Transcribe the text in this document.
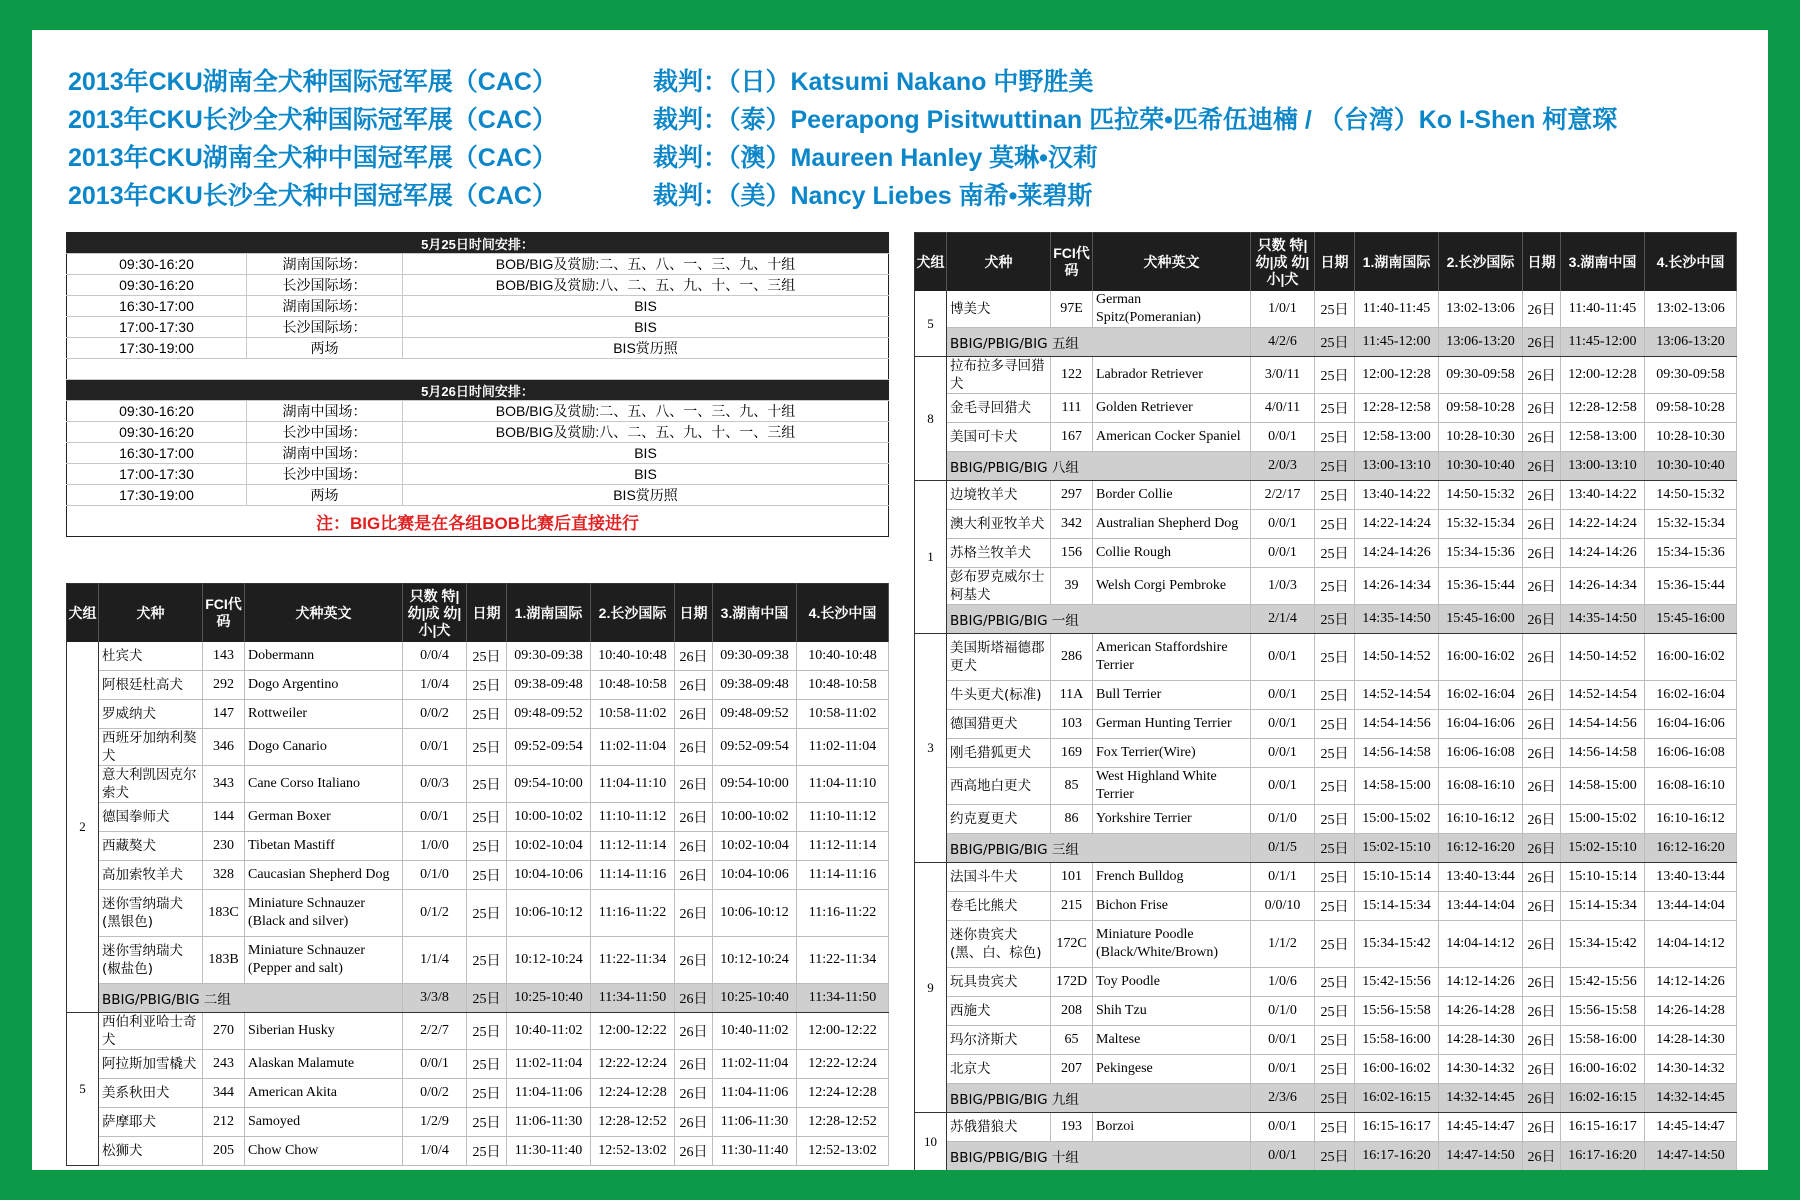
2013年CKU湖南全犬种国际冠军展（CAC）	裁判：（日）Katsumi Nakano 中野胜美
2013年CKU长沙全犬种国际冠军展（CAC）	裁判：（泰）Peerapong Pisitwuttinan 匹拉荣•匹希伍迪楠 / （台湾）Ko I-Shen 柯意琛
2013年CKU湖南全犬种中国冠军展（CAC）	裁判：（澳）Maureen Hanley 莫琳•汉莉
2013年CKU长沙全犬种中国冠军展（CAC）	裁判：（美）Nancy Liebes 南希•莱碧斯
5月25日时间安排：		
09:30-16:20	湖南国际场：	BOB/BIG及赏励:二、五、八、一、三、九、十组
09:30-16:20	长沙国际场：	BOB/BIG及赏励:八、二、五、九、十、一、三组
16:30-17:00	湖南国际场：	BIS
17:00-17:30	长沙国际场：	BIS
17:30-19:00	两场	BIS赏历照

5月26日时间安排：		
09:30-16:20	湖南中国场：	BOB/BIG及赏励:二、五、八、一、三、九、十组
09:30-16:20	长沙中国场：	BOB/BIG及赏励:八、二、五、九、十、一、三组
16:30-17:00	湖南中国场：	BIS
17:00-17:30	长沙中国场：	BIS
17:30-19:00	两场	BIS赏历照
注：BIG比赛是在各组BOB比赛后直接进行		
犬组	犬种	FCI代码	犬种英文	只数 特|幼|成 幼|小|犬	日期	1.湖南国际	2.长沙国际	日期	3.湖南中国	4.长沙中国
2	杜宾犬	143	Dobermann	0/0/4	25日	09:30-09:38	10:40-10:48	26日	09:30-09:38	10:40-10:48
	阿根廷杜高犬	292	Dogo Argentino	1/0/4	25日	09:38-09:48	10:48-10:58	26日	09:38-09:48	10:48-10:58
	罗威纳犬	147	Rottweiler	0/0/2	25日	09:48-09:52	10:58-11:02	26日	09:48-09:52	10:58-11:02
	西班牙加纳利獒犬	346	Dogo Canario	0/0/1	25日	09:52-09:54	11:02-11:04	26日	09:52-09:54	11:02-11:04
	意大利凯因克尔索犬	343	Cane Corso Italiano	0/0/3	25日	09:54-10:00	11:04-11:10	26日	09:54-10:00	11:04-11:10
	德国拳师犬	144	German Boxer	0/0/1	25日	10:00-10:02	11:10-11:12	26日	10:00-10:02	11:10-11:12
	西藏獒犬	230	Tibetan Mastiff	1/0/0	25日	10:02-10:04	11:12-11:14	26日	10:02-10:04	11:12-11:14
	高加索牧羊犬	328	Caucasian Shepherd Dog	0/1/0	25日	10:04-10:06	11:14-11:16	26日	10:04-10:06	11:14-11:16
	迷你雪纳瑞犬(黑银色)	183C	Miniature Schnauzer (Black and silver)	0/1/2	25日	10:06-10:12	11:16-11:22	26日	10:06-10:12	11:16-11:22
	迷你雪纳瑞犬(椒盐色)	183B	Miniature Schnauzer (Pepper and salt)	1/1/4	25日	10:12-10:24	11:22-11:34	26日	10:12-10:24	11:22-11:34
	BBIG/PBIG/BIG 二组			3/3/8	25日	10:25-10:40	11:34-11:50	26日	10:25-10:40	11:34-11:50
5	西伯利亚哈士奇犬	270	Siberian Husky	2/2/7	25日	10:40-11:02	12:00-12:22	26日	10:40-11:02	12:00-12:22
	阿拉斯加雪橇犬	243	Alaskan Malamute	0/0/1	25日	11:02-11:04	12:22-12:24	26日	11:02-11:04	12:22-12:24
	美系秋田犬	344	American Akita	0/0/2	25日	11:04-11:06	12:24-12:28	26日	11:04-11:06	12:24-12:28
	萨摩耶犬	212	Samoyed	1/2/9	25日	11:06-11:30	12:28-12:52	26日	11:06-11:30	12:28-12:52
	松狮犬	205	Chow Chow	1/0/4	25日	11:30-11:40	12:52-13:02	26日	11:30-11:40	12:52-13:02
犬组	犬种	FCI代码	犬种英文	只数 特|幼|成 幼|小|犬	日期	1.湖南国际	2.长沙国际	日期	3.湖南中国	4.长沙中国
5	博美犬	97E	German Spitz(Pomeranian)	1/0/1	25日	11:40-11:45	13:02-13:06	26日	11:40-11:45	13:02-13:06
	BBIG/PBIG/BIG 五组			4/2/6	25日	11:45-12:00	13:06-13:20	26日	11:45-12:00	13:06-13:20
8	拉布拉多寻回猎犬	122	Labrador Retriever	3/0/11	25日	12:00-12:28	09:30-09:58	26日	12:00-12:28	09:30-09:58
	金毛寻回猎犬	111	Golden Retriever	4/0/11	25日	12:28-12:58	09:58-10:28	26日	12:28-12:58	09:58-10:28
	美国可卡犬	167	American Cocker Spaniel	0/0/1	25日	12:58-13:00	10:28-10:30	26日	12:58-13:00	10:28-10:30
	BBIG/PBIG/BIG 八组			2/0/3	25日	13:00-13:10	10:30-10:40	26日	13:00-13:10	10:30-10:40
1	边境牧羊犬	297	Border Collie	2/2/17	25日	13:40-14:22	14:50-15:32	26日	13:40-14:22	14:50-15:32
	澳大利亚牧羊犬	342	Australian Shepherd Dog	0/0/1	25日	14:22-14:24	15:32-15:34	26日	14:22-14:24	15:32-15:34
	苏格兰牧羊犬	156	Collie Rough	0/0/1	25日	14:24-14:26	15:34-15:36	26日	14:24-14:26	15:34-15:36
	彭布罗克威尔士柯基犬	39	Welsh Corgi Pembroke	1/0/3	25日	14:26-14:34	15:36-15:44	26日	14:26-14:34	15:36-15:44
	BBIG/PBIG/BIG 一组			2/1/4	25日	14:35-14:50	15:45-16:00	26日	14:35-14:50	15:45-16:00
3	美国斯塔福德郡更犬	286	American Staffordshire Terrier	0/0/1	25日	14:50-14:52	16:00-16:02	26日	14:50-14:52	16:00-16:02
	牛头更犬(标准)	11A	Bull Terrier	0/0/1	25日	14:52-14:54	16:02-16:04	26日	14:52-14:54	16:02-16:04
	德国猎更犬	103	German Hunting Terrier	0/0/1	25日	14:54-14:56	16:04-16:06	26日	14:54-14:56	16:04-16:06
	刚毛猎狐更犬	169	Fox Terrier(Wire)	0/0/1	25日	14:56-14:58	16:06-16:08	26日	14:56-14:58	16:06-16:08
	西高地白更犬	85	West Highland White Terrier	0/0/1	25日	14:58-15:00	16:08-16:10	26日	14:58-15:00	16:08-16:10
	约克夏更犬	86	Yorkshire Terrier	0/1/0	25日	15:00-15:02	16:10-16:12	26日	15:00-15:02	16:10-16:12
	BBIG/PBIG/BIG 三组			0/1/5	25日	15:02-15:10	16:12-16:20	26日	15:02-15:10	16:12-16:20
9	法国斗牛犬	101	French Bulldog	0/1/1	25日	15:10-15:14	13:40-13:44	26日	15:10-15:14	13:40-13:44
	卷毛比熊犬	215	Bichon Frise	0/0/10	25日	15:14-15:34	13:44-14:04	26日	15:14-15:34	13:44-14:04
	迷你贵宾犬(黑、白、棕色)	172C	Miniature Poodle (Black/White/Brown)	1/1/2	25日	15:34-15:42	14:04-14:12	26日	15:34-15:42	14:04-14:12
	玩具贵宾犬	172D	Toy Poodle	1/0/6	25日	15:42-15:56	14:12-14:26	26日	15:42-15:56	14:12-14:26
	西施犬	208	Shih Tzu	0/1/0	25日	15:56-15:58	14:26-14:28	26日	15:56-15:58	14:26-14:28
	玛尔济斯犬	65	Maltese	0/0/1	25日	15:58-16:00	14:28-14:30	26日	15:58-16:00	14:28-14:30
	北京犬	207	Pekingese	0/0/1	25日	16:00-16:02	14:30-14:32	26日	16:00-16:02	14:30-14:32
	BBIG/PBIG/BIG 九组			2/3/6	25日	16:02-16:15	14:32-14:45	26日	16:02-16:15	14:32-14:45
10	苏俄猎狼犬	193	Borzoi	0/0/1	25日	16:15-16:17	14:45-14:47	26日	16:15-16:17	14:45-14:47
	BBIG/PBIG/BIG 十组			0/0/1	25日	16:17-16:20	14:47-14:50	26日	16:17-16:20	14:47-14:50
